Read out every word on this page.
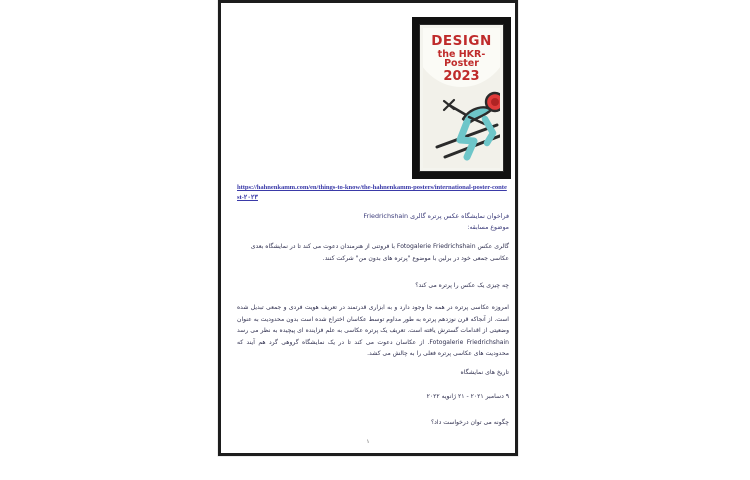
DESIGN
the HKR-Poster
2023
https://hahnenkamm.com/en/things-to-know/the-hahnenkamm-posters/international-poster-contest-۲۰۲۳
فراخوان نمایشگاه عکس پرتره گالری Friedrichshain
موضوع مسابقه:
گالری عکس Fotogalerie Friedrichshain با فروتنی از هنرمندان دعوت می کند تا در نمایشگاه بعدی عکاسی جمعی خود در برلین با موضوع "پرتره های بدون من" شرکت کنند.
چه چیزی یک عکس را پرتره می کند؟
امروزه عکاسی پرتره در همه جا وجود دارد و به ابزاری قدرتمند در تعریف هویت فردی و جمعی تبدیل شده است. از آنجاکه قرن نوزدهم پرتره به طور مداوم توسط عکاسان اختراع شده است بدون محدودیت به عنوان وضعیتی از اقدامات گسترش یافته است. تعریف یک پرتره عکاسی به علم فزاینده ای پیچیده به نظر می رسد Fotogalerie Friedrichshain. از عکاسان دعوت می کند تا در یک نمایشگاه گروهی گرد هم آیند که محدودیت های عکاسی پرتره فعلی را به چالش می کشد.
تاریخ های نمایشگاه
۹ دسامبر ۲۰۲۱ - ۲۱ ژانویه ۲۰۲۲
چگونه می توان درخواست داد؟
۱
